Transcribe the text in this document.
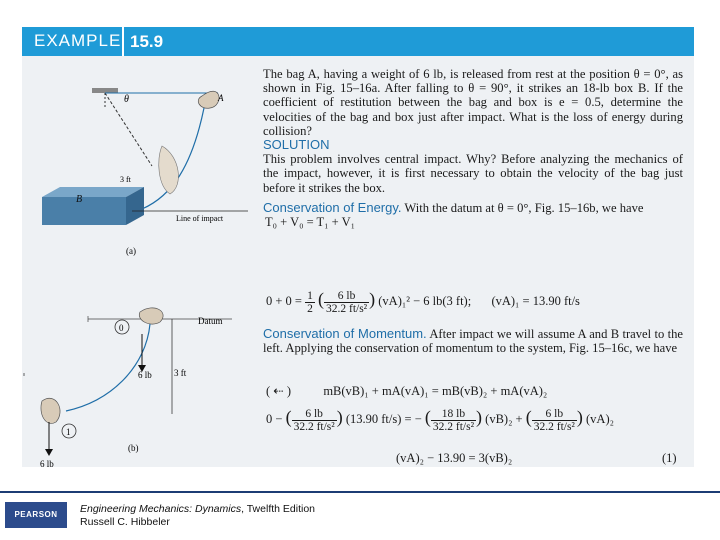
EXAMPLE 15.9
θ	A
3 ft
B
Line of impact
(a)
0
Datum
6 lb 3 ft
1
6 lb
(b)

The bag A, having a weight of 6 lb, is released from rest at the position θ = 0°, as shown in Fig. 15–16a. After falling to θ = 90°, it strikes an 18-lb box B. If the coefficient of restitution between the bag and box is e = 0.5, determine the velocities of the bag and box just after impact. What is the loss of energy during collision?

SOLUTION

This problem involves central impact. Why? Before analyzing the mechanics of the impact, however, it is first necessary to obtain the velocity of the bag just before it strikes the box.

Conservation of Energy. With the datum at θ = 0°, Fig. 15–16b, we have

T₀ + V₀ = T₁ + V₁

$0 + 0 = \frac{1}{2}$ ( $\frac{6 lb}{\text{32.2 ft/s²}}$ ) (vA)₁² − 6 lb(3 ft); (vA)₁ = 13.90 ft/s
Conservation of Momentum. After impact we will assume A and B travel to the left. Applying the conservation of momentum to the system, Fig. 15–16c, we have
( ⇠ )	mB(vB)₁ + mA(vA)₁ = mB(vB)₂ + mA(vA)₂
0 − ( $\frac{6 lb}{\text{32.2 ft/s²}}$ ) (13.90 ft/s) = − ( $\frac{18 lb}{\text{32.2 ft/s²}}$ ) (vB)₂ + ( $\frac{6 lb}{\text{32.2 ft/s²}}$ ) (vA)₂
(vA)₂ − 13.90 = 3(vB)₂	(1)
PEARSON	Engineering Mechanics: Dynamics, Twelfth Edition
Russell C. Hibbeler
